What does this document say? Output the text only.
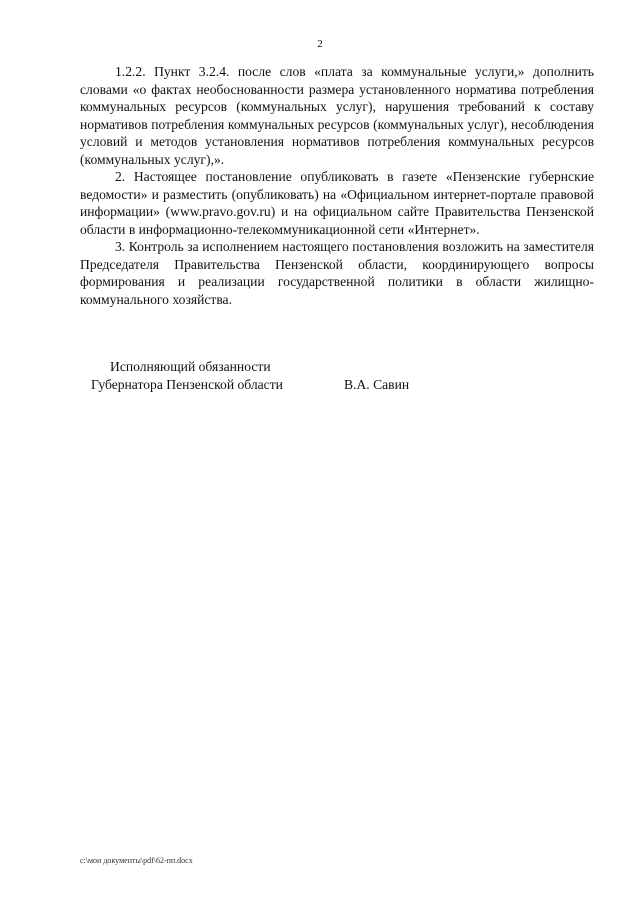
2

1.2.2. Пункт 3.2.4. после слов «плата за коммунальные услуги,» дополнить словами «о фактах необоснованности размера установленного норматива потребления коммунальных ресурсов (коммунальных услуг), нарушения требований к составу нормативов потребления коммунальных ресурсов (коммунальных услуг), несоблюдения условий и методов установления нормативов потребления коммунальных ресурсов (коммунальных услуг),».

2. Настоящее постановление опубликовать в газете «Пензенские губернские ведомости» и разместить (опубликовать) на «Официальном интернет-портале правовой информации» (www.pravo.gov.ru) и на официальном сайте Правительства Пензенской области в информационно-телекоммуникационной сети «Интернет».

3. Контроль за исполнением настоящего постановления возложить на заместителя Председателя Правительства Пензенской области, координирующего вопросы формирования и реализации государственной политики в области жилищно-коммунального хозяйства.

Исполняющий обязанности
Губернатора Пензенской области	В.А. Савин
c:\мои документы\pdf\62-пп.docx
